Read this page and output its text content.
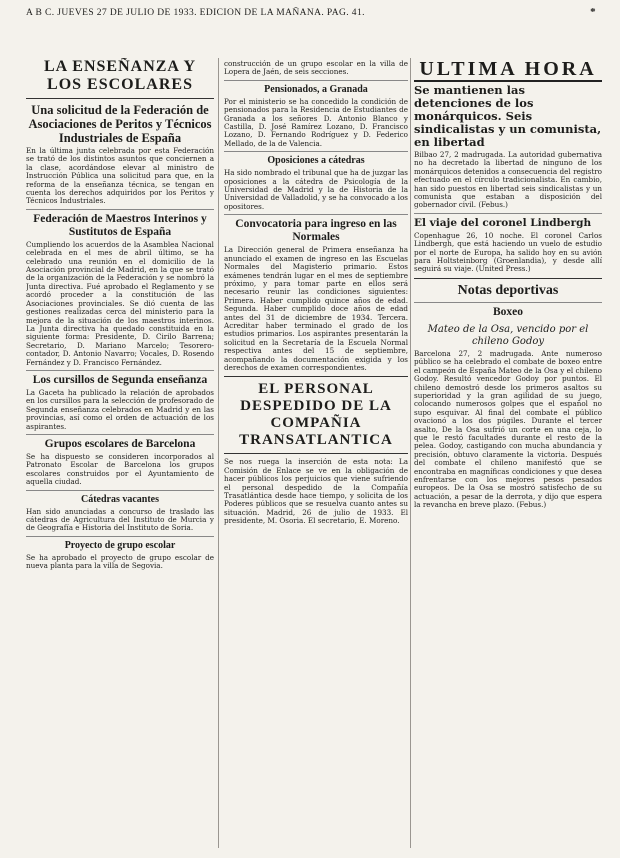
A B C. JUEVES 27 DE JULIO DE 1933. EDICION DE LA MAÑANA. PAG. 41.	*
LA ENSEÑANZA Y LOS ESCOLARES
Una solicitud de la Federación de Asociaciones de Peritos y Técnicos Industriales de España

En la última junta celebrada por esta Federación se trató de los distintos asuntos que conciernen a la clase, acordándose elevar al ministro de Instrucción Pública una solicitud para que, en la reforma de la enseñanza técnica, se tengan en cuenta los derechos adquiridos por los Peritos y Técnicos Industriales.

Federación de Maestros Interinos y Sustitutos de España

Cumpliendo los acuerdos de la Asamblea Nacional celebrada en el mes de abril último, se ha celebrado una reunión en el domicilio de la Asociación provincial de Madrid, en la que se trató de la organización de la Federación y se nombró la Junta directiva. Fué aprobado el Reglamento y se acordó proceder a la constitución de las Asociaciones provinciales. Se dió cuenta de las gestiones realizadas cerca del ministerio para la mejora de la situación de los maestros interinos. La Junta directiva ha quedado constituida en la siguiente forma: Presidente, D. Cirilo Barrena; Secretario, D. Mariano Marcelo; Tesorero-contador, D. Antonio Navarro; Vocales, D. Rosendo Fernández y D. Francisco Fernández.

Los cursillos de Segunda enseñanza

La Gaceta ha publicado la relación de aprobados en los cursillos para la selección de profesorado de Segunda enseñanza celebrados en Madrid y en las provincias, así como el orden de actuación de los aspirantes.

Grupos escolares de Barcelona

Se ha dispuesto se consideren incorporados al Patronato Escolar de Barcelona los grupos escolares construidos por el Ayuntamiento de aquella ciudad.

Cátedras vacantes

Han sido anunciadas a concurso de traslado las cátedras de Agricultura del Instituto de Murcia y de Geografía e Historia del Instituto de Soria.

Proyecto de grupo escolar

Se ha aprobado el proyecto de grupo escolar de nueva planta para la villa de Segovia.

construcción de un grupo escolar en la villa de Lopera de Jaén, de seis secciones.

Pensionados, a Granada

Por el ministerio se ha concedido la condición de pensionados para la Residencia de Estudiantes de Granada a los señores D. Antonio Blanco y Castilla, D. José Ramírez Lozano, D. Francisco Lozano, D. Fernando Rodríguez y D. Federico Mellado, de la de Valencia.

Oposiciones a cátedras

Ha sido nombrado el tribunal que ha de juzgar las oposiciones a la cátedra de Psicología de la Universidad de Madrid y la de Historia de la Universidad de Valladolid, y se ha convocado a los opositores.

Convocatoria para ingreso en las Normales

La Dirección general de Primera enseñanza ha anunciado el examen de ingreso en las Escuelas Normales del Magisterio primario. Estos exámenes tendrán lugar en el mes de septiembre próximo, y para tomar parte en ellos será necesario reunir las condiciones siguientes: Primera. Haber cumplido quince años de edad. Segunda. Haber cumplido doce años de edad antes del 31 de diciembre de 1934. Tercera. Acreditar haber terminado el grado de los estudios primarios. Los aspirantes presentarán la solicitud en la Secretaría de la Escuela Normal respectiva antes del 15 de septiembre, acompañando la documentación exigida y los derechos de examen correspondientes.

EL PERSONAL DESPEDIDO DE LA COMPAÑIA TRANSATLANTICA

Se nos ruega la inserción de esta nota: La Comisión de Enlace se ve en la obligación de hacer públicos los perjuicios que viene sufriendo el personal despedido de la Compañía Trasatlántica desde hace tiempo, y solicita de los Poderes públicos que se resuelva cuanto antes su situación. Madrid, 26 de julio de 1933. El presidente, M. Osoria. El secretario, E. Moreno.

ULTIMA HORA
Se mantienen las detenciones de los monárquicos. Seis sindicalistas y un comunista, en libertad

Bilbao 27, 2 madrugada. La autoridad gubernativa no ha decretado la libertad de ninguno de los monárquicos detenidos a consecuencia del registro efectuado en el círculo tradicionalista. En cambio, han sido puestos en libertad seis sindicalistas y un comunista que estaban a disposición del gobernador civil. (Febus.)

El viaje del coronel Lindbergh

Copenhague 26, 10 noche. El coronel Carlos Lindbergh, que está haciendo un vuelo de estudio por el norte de Europa, ha salido hoy en su avión para Holtsteinborg (Groenlandia), y desde allí seguirá su viaje. (United Press.)

Notas deportivas
Boxeo
Mateo de la Osa, vencido por el chileno Godoy

Barcelona 27, 2 madrugada. Ante numeroso público se ha celebrado el combate de boxeo entre el campeón de España Mateo de la Osa y el chileno Godoy. Resultó vencedor Godoy por puntos. El chileno demostró desde los primeros asaltos su superioridad y la gran agilidad de su juego, colocando numerosos golpes que el español no supo esquivar. Al final del combate el público ovacionó a los dos púgiles. Durante el tercer asalto, De la Osa sufrió un corte en una ceja, lo que le restó facultades durante el resto de la pelea. Godoy, castigando con mucha abundancia y precisión, obtuvo claramente la victoria. Después del combate el chileno manifestó que se encontraba en magníficas condiciones y que desea enfrentarse con los mejores pesos pesados europeos. De la Osa se mostró satisfecho de su actuación, a pesar de la derrota, y dijo que espera la revancha en breve plazo. (Febus.)
